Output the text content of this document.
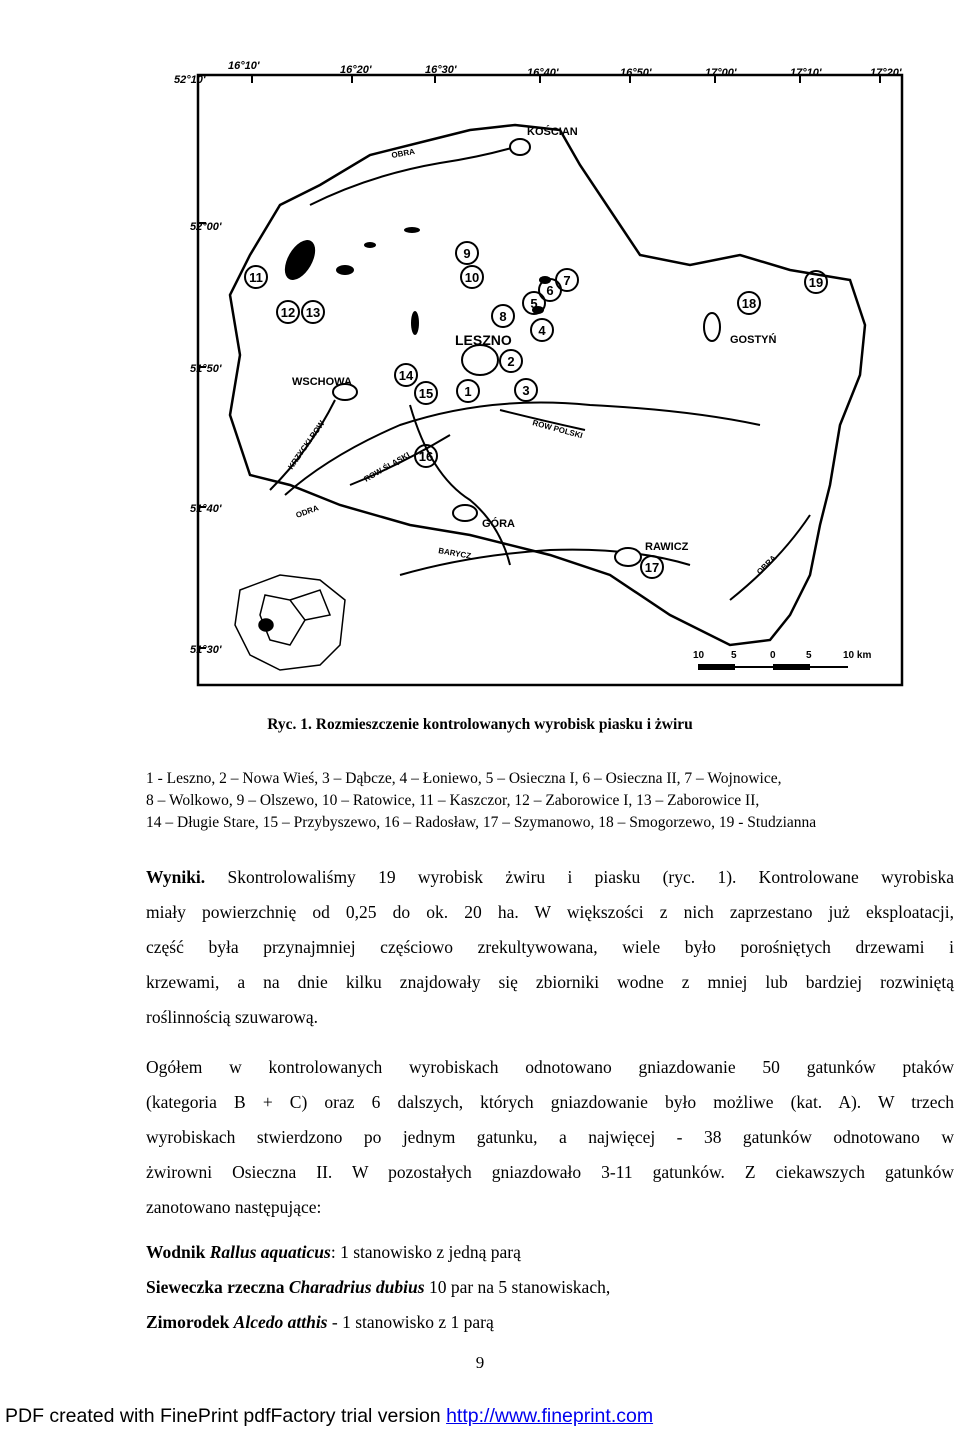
52°10'
16°10'	16°20'	16°30'	16°40'	16°50'	17°00'	17°10'	17°20'
52°00'
51°50'
51°40'
51°30'
KOŚCIAN
LESZNO	GOSTYŃ
WSCHOWA
GÓRA
RAWICZ
OBRA
ODRA
BARYCZ	OBRA
KRZYCKI ROW	ROW ŚLĄSKI
ROW POLSKI
9
10
11
12 13	8
7
6
5
4
2
1	3
14
15
16
17
18
19
10	5	0	5	10 km
Ryc. 1. Rozmieszczenie kontrolowanych wyrobisk piasku i żwiru
1 - Leszno, 2 – Nowa Wieś, 3 – Dąbcze, 4 – Łoniewo, 5 – Osieczna I, 6 – Osieczna II, 7 – Wojnowice,
8 – Wolkowo, 9 – Olszewo, 10 – Ratowice, 11 – Kaszczor, 12 – Zaborowice I, 13 – Zaborowice II,
14 – Długie Stare, 15 – Przybyszewo, 16 – Radosław, 17 – Szymanowo, 18 – Smogorzewo, 19 - Studzianna
Wyniki. Skontrolowaliśmy 19 wyrobisk żwiru i piasku (ryc. 1). Kontrolowane wyrobiska
miały powierzchnię od 0,25 do ok. 20 ha. W większości z nich zaprzestano już eksploatacji,
część była przynajmniej częściowo zrekultywowana, wiele było porośniętych drzewami i
krzewami, a na dnie kilku znajdowały się zbiorniki wodne z mniej lub bardziej rozwiniętą
roślinnością szuwarową.
Ogółem w kontrolowanych wyrobiskach odnotowano gniazdowanie 50 gatunków ptaków
(kategoria B + C) oraz 6 dalszych, których gniazdowanie było możliwe (kat. A). W trzech
wyrobiskach stwierdzono po jednym gatunku, a najwięcej - 38 gatunków odnotowano w
żwirowni Osieczna II. W pozostałych gniazdowało 3-11 gatunków. Z ciekawszych gatunków
zanotowano następujące:
Wodnik Rallus aquaticus: 1 stanowisko z jedną parą
Sieweczka rzeczna Charadrius dubius 10 par na 5 stanowiskach,
Zimorodek Alcedo atthis - 1 stanowisko z 1 parą
9
PDF created with FinePrint pdfFactory trial version http://www.fineprint.com
